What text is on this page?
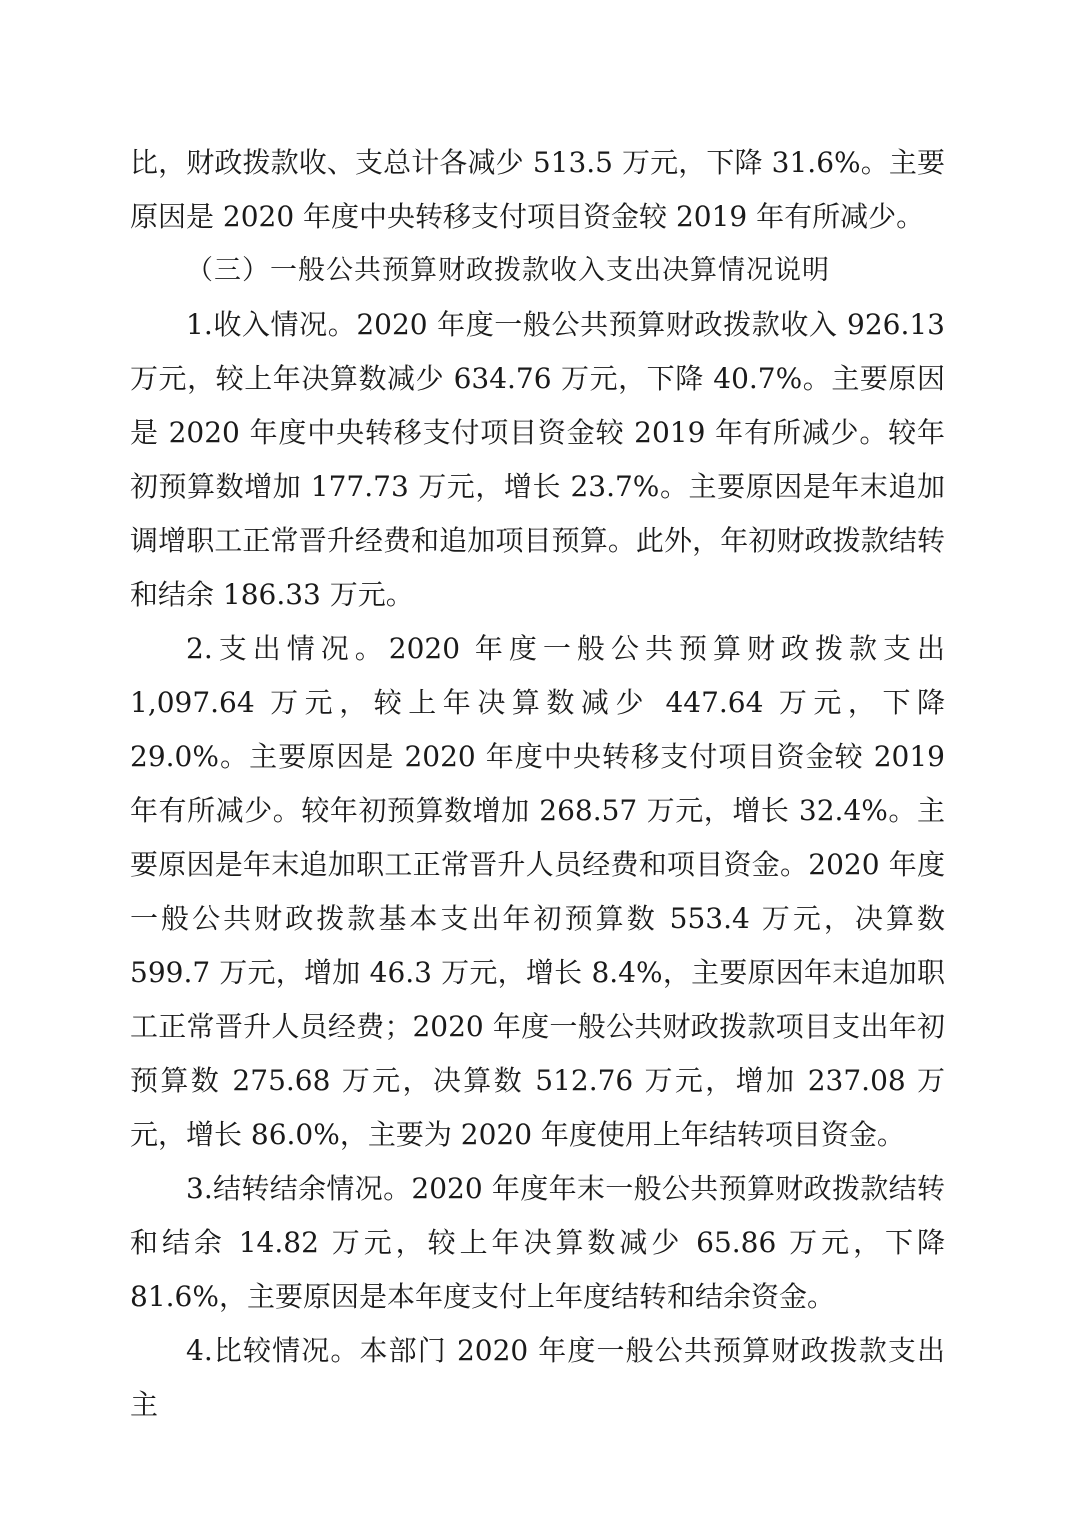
比，财政拨款收、支总计各减少 513.5 万元，下降 31.6%。主要原因是 2020 年度中央转移支付项目资金较 2019 年有所减少。

（三）一般公共预算财政拨款收入支出决算情况说明

1.收入情况。2020 年度一般公共预算财政拨款收入 926.13 万元，较上年决算数减少 634.76 万元，下降 40.7%。主要原因是 2020 年度中央转移支付项目资金较 2019 年有所减少。较年初预算数增加 177.73 万元，增长 23.7%。主要原因是年末追加调增职工正常晋升经费和追加项目预算。此外，年初财政拨款结转和结余 186.33 万元。

2.支出情况。2020 年度一般公共预算财政拨款支出 1,097.64 万元，较上年决算数减少 447.64 万元，下降 29.0%。主要原因是 2020 年度中央转移支付项目资金较 2019 年有所减少。较年初预算数增加 268.57 万元，增长 32.4%。主要原因是年末追加职工正常晋升人员经费和项目资金。2020 年度一般公共财政拨款基本支出年初预算数 553.4 万元，决算数 599.7 万元，增加 46.3 万元，增长 8.4%，主要原因年末追加职工正常晋升人员经费；2020 年度一般公共财政拨款项目支出年初预算数 275.68 万元，决算数 512.76 万元，增加 237.08 万元，增长 86.0%，主要为 2020 年度使用上年结转项目资金。

3.结转结余情况。2020 年度年末一般公共预算财政拨款结转和结余 14.82 万元，较上年决算数减少 65.86 万元，下降 81.6%，主要原因是本年度支付上年度结转和结余资金。

4.比较情况。本部门 2020 年度一般公共预算财政拨款支出主
